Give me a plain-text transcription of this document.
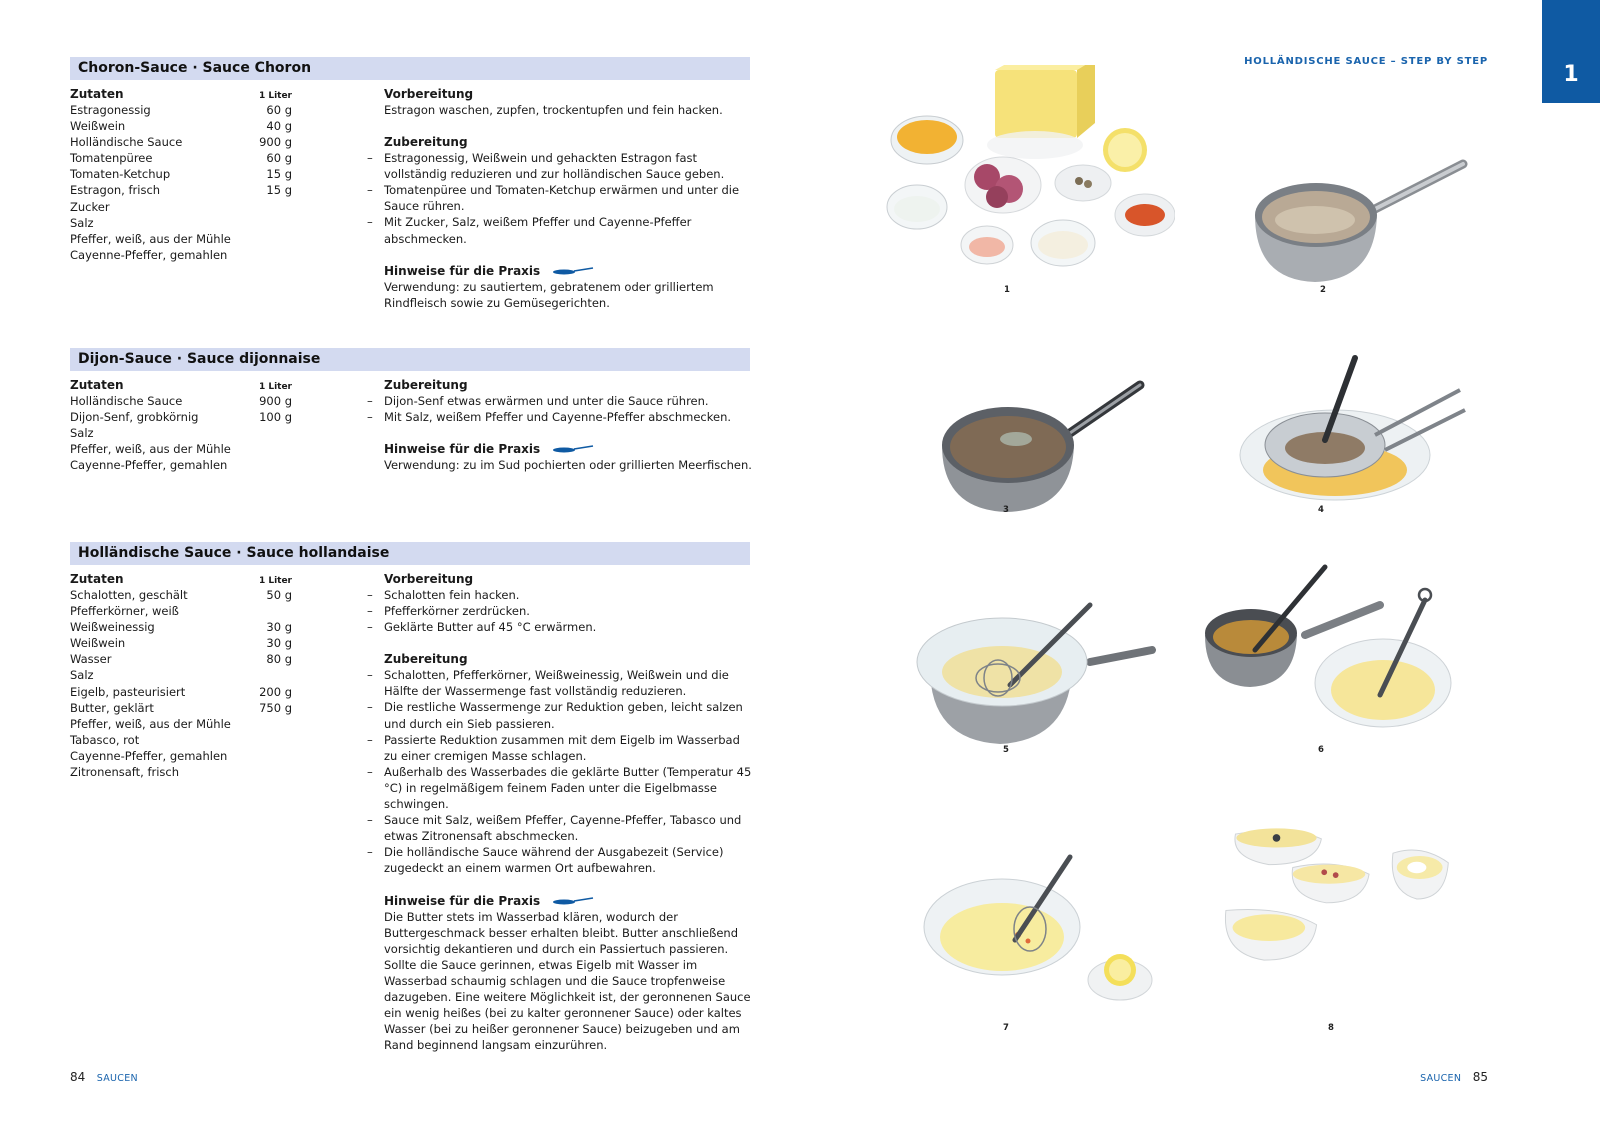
Choron-Sauce · Sauce Choron
Zutaten	1 Liter
Estragonessig	60 g
Weißwein	40 g
Holländische Sauce	900 g
Tomatenpüree	60 g
Tomaten-Ketchup	15 g
Estragon, frisch	15 g
Zucker
Salz
Pfeffer, weiß, aus der Mühle
Cayenne-Pfeffer, gemahlen
Vorbereitung
Estragon waschen, zupfen, trockentupfen und fein hacken.
Zubereitung
– Estragonessig, Weißwein und gehackten Estragon fast vollständig reduzieren und zur holländischen Sauce geben.
– Tomatenpüree und Tomaten-Ketchup erwärmen und unter die Sauce rühren.
– Mit Zucker, Salz, weißem Pfeffer und Cayenne-Pfeffer abschmecken.
Hinweise für die Praxis
Verwendung: zu sautiertem, gebratenem oder grilliertem Rindfleisch sowie zu Gemüsegerichten.
Dijon-Sauce · Sauce dijonnaise
Zutaten	1 Liter
Holländische Sauce	900 g
Dijon-Senf, grobkörnig	100 g
Salz
Pfeffer, weiß, aus der Mühle
Cayenne-Pfeffer, gemahlen
Zubereitung
– Dijon-Senf etwas erwärmen und unter die Sauce rühren.
– Mit Salz, weißem Pfeffer und Cayenne-Pfeffer abschmecken.
Hinweise für die Praxis
Verwendung: zu im Sud pochierten oder grillierten Meerfischen.
Holländische Sauce · Sauce hollandaise
Zutaten	1 Liter
Schalotten, geschält	50 g
Pfefferkörner, weiß
Weißweinessig	30 g
Weißwein	30 g
Wasser	80 g
Salz
Eigelb, pasteurisiert	200 g
Butter, geklärt	750 g
Pfeffer, weiß, aus der Mühle
Tabasco, rot
Cayenne-Pfeffer, gemahlen
Zitronensaft, frisch
Vorbereitung
– Schalotten fein hacken.
– Pfefferkörner zerdrücken.
– Geklärte Butter auf 45 °C erwärmen.
Zubereitung
– Schalotten, Pfefferkörner, Weißweinessig, Weißwein und die Hälfte der Wassermenge fast vollständig reduzieren.
– Die restliche Wassermenge zur Reduktion geben, leicht salzen und durch ein Sieb passieren.
– Passierte Reduktion zusammen mit dem Eigelb im Wasserbad zu einer cremigen Masse schlagen.
– Außerhalb des Wasserbades die geklärte Butter (Temperatur 45 °C) in regelmäßigem feinem Faden unter die Eigelbmasse schwingen.
– Sauce mit Salz, weißem Pfeffer, Cayenne-Pfeffer, Tabasco und etwas Zitronensaft abschmecken.
– Die holländische Sauce während der Ausgabezeit (Service) zugedeckt an einem warmen Ort aufbewahren.
Hinweise für die Praxis
Die Butter stets im Wasserbad klären, wodurch der Buttergeschmack besser erhalten bleibt. Butter anschließend vorsichtig dekantieren und durch ein Passiertuch passieren. Sollte die Sauce gerinnen, etwas Eigelb mit Wasser im Wasserbad schaumig schlagen und die Sauce tropfenweise dazugeben. Eine weitere Möglichkeit ist, der geronnenen Sauce ein wenig heißes (bei zu kalter geronnener Sauce) oder kaltes Wasser (bei zu heißer geronnener Sauce) beizugeben und am Rand beginnend langsam einzurühren.
84 SAUCEN
HOLLÄNDISCHE SAUCE – STEP BY STEP
1
1	2
3	4
5	6
7	8
SAUCEN 85
